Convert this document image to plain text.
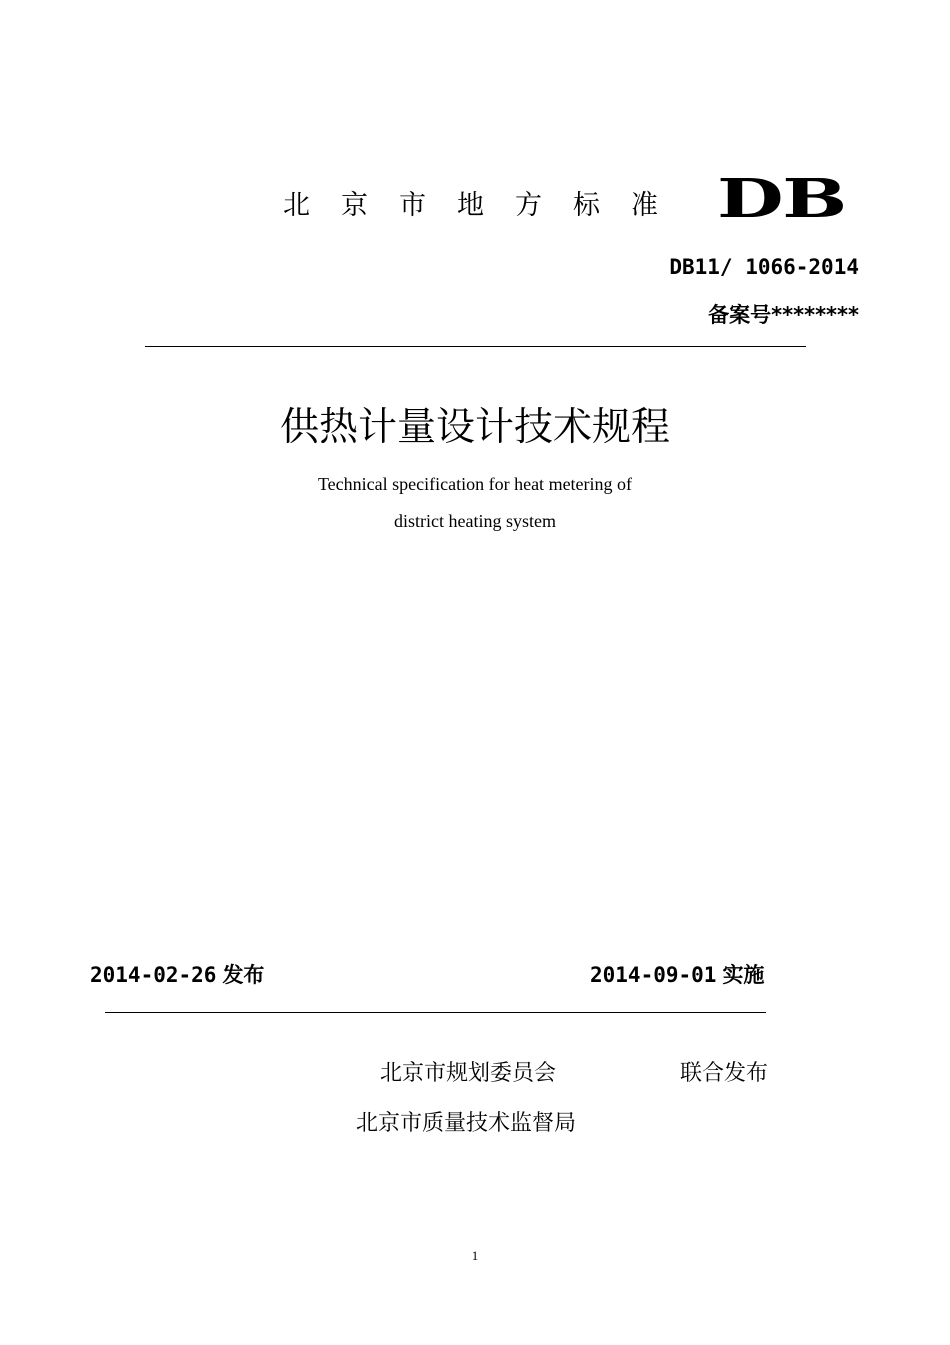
北京市地方标准 DB
DB11/ 1066-2014
备案号********
供热计量设计技术规程
Technical specification for heat metering of
district heating system
2014-02-26 发布	2014-09-01 实施
北京市规划委员会	联合发布
北京市质量技术监督局
1
